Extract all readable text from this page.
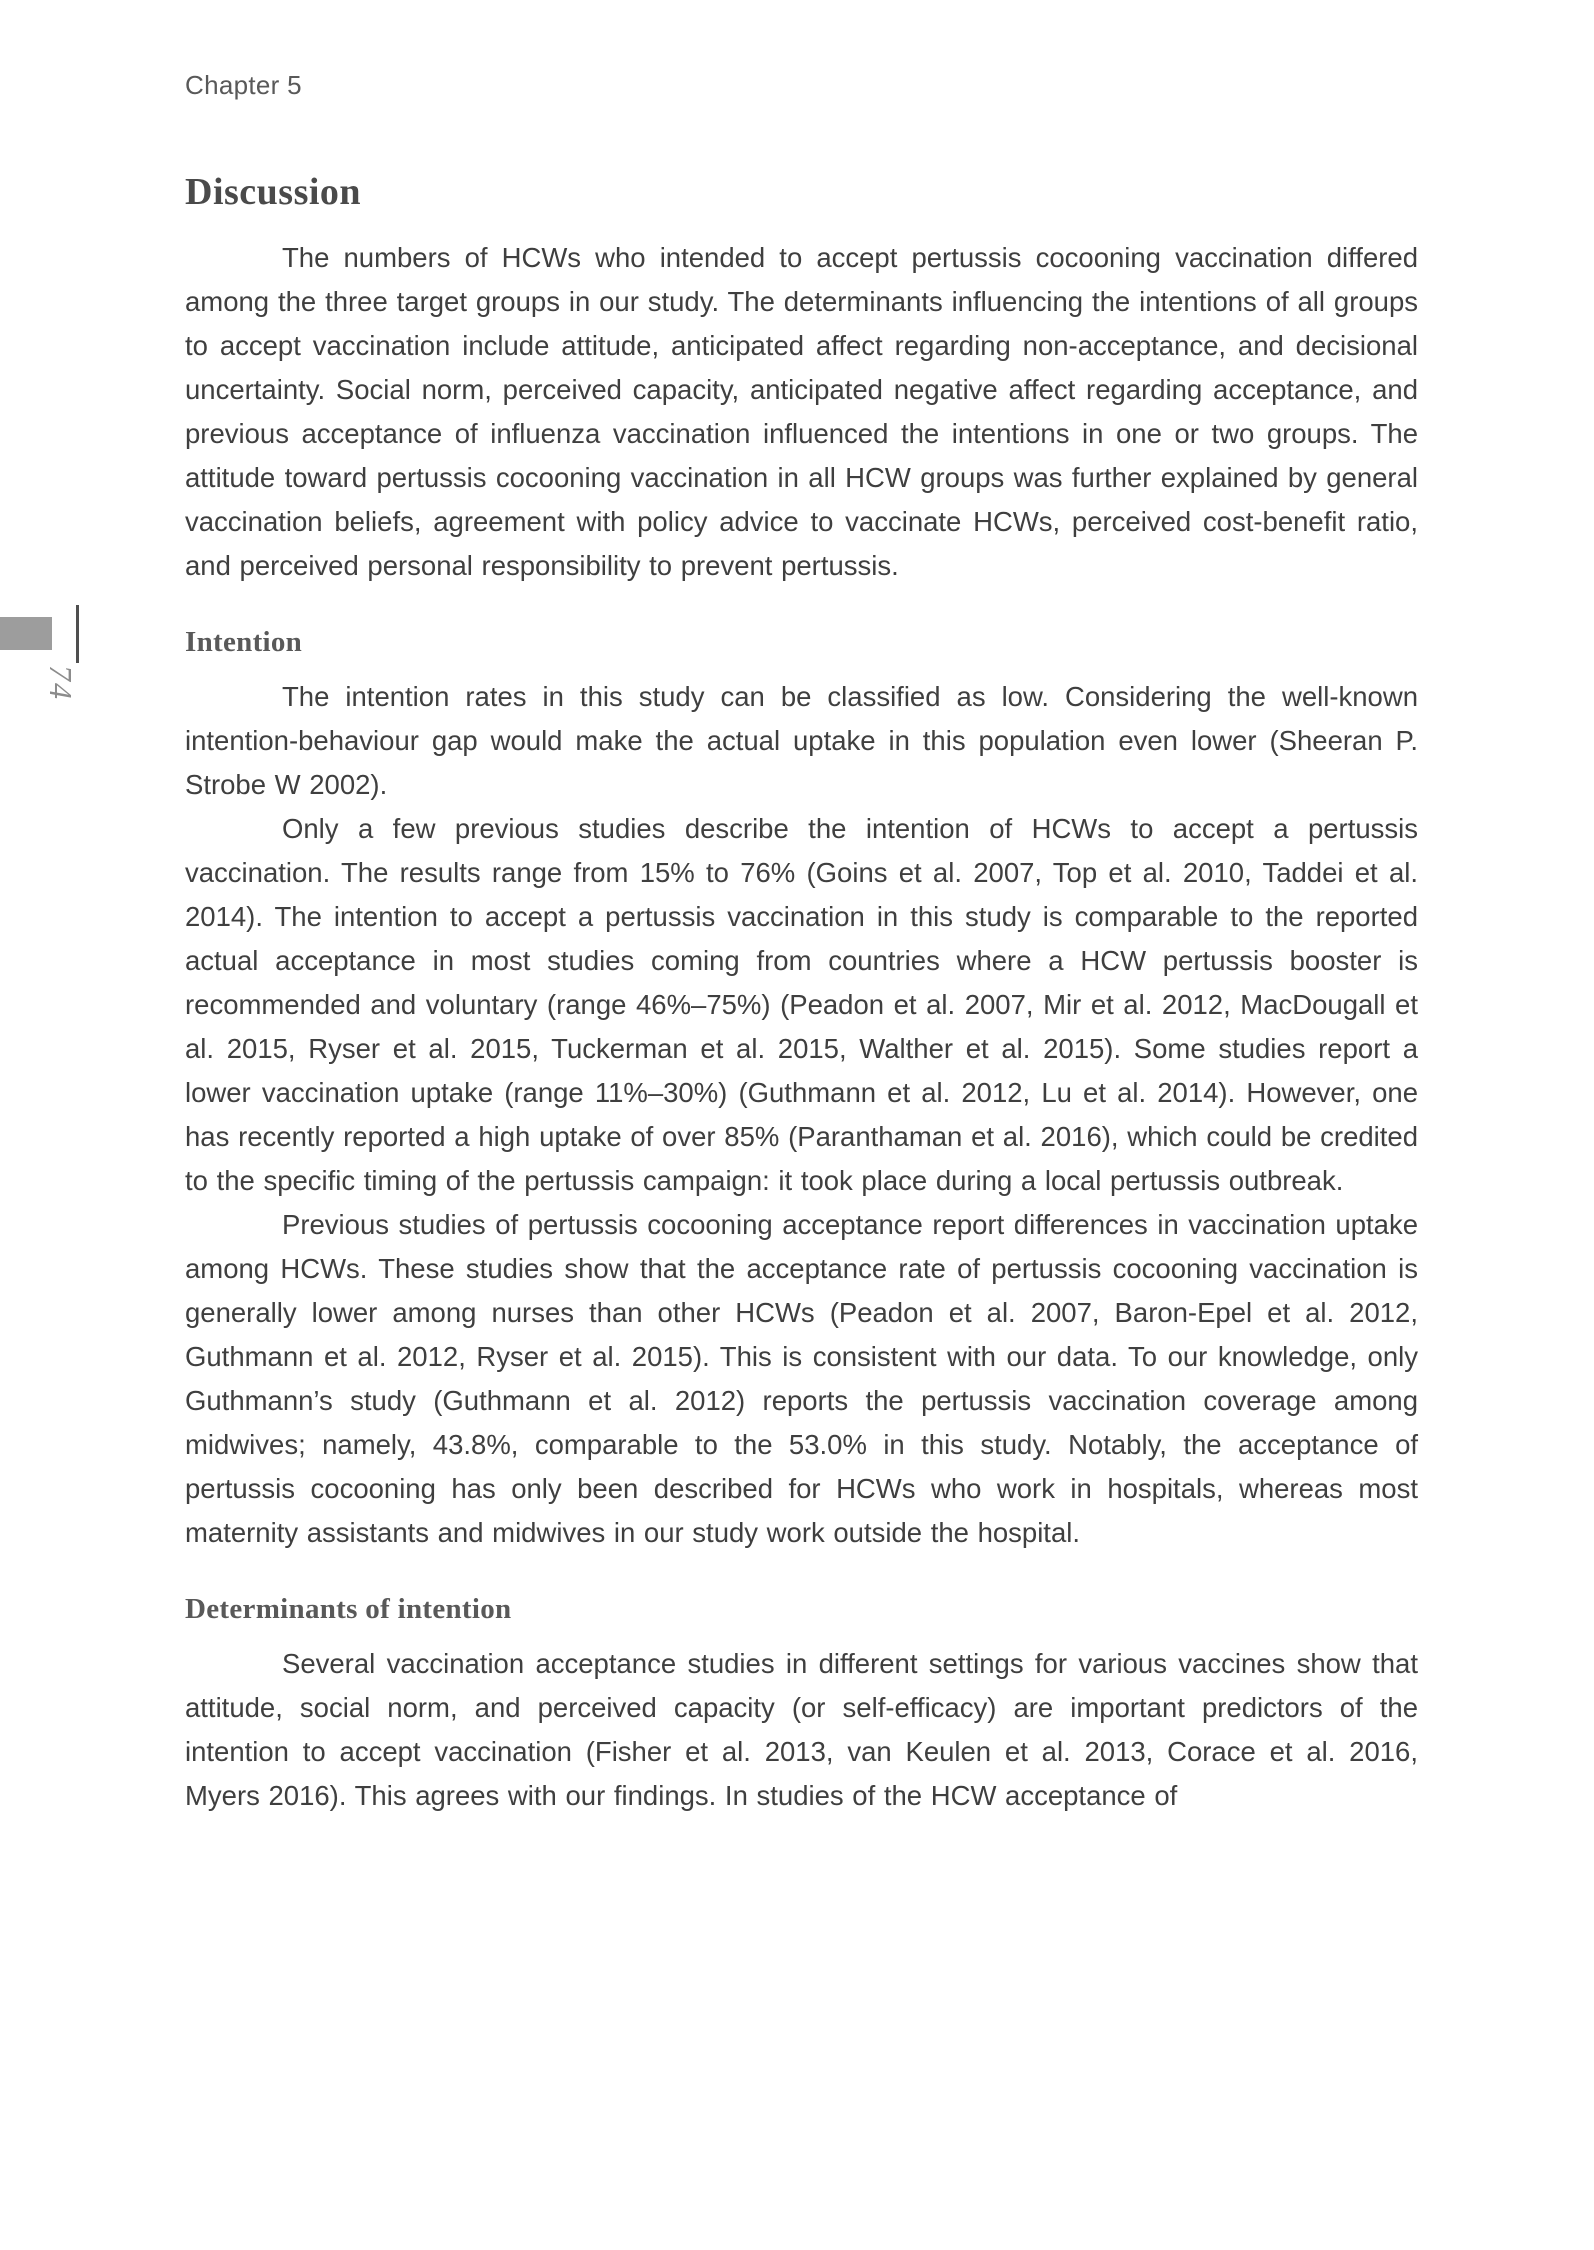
Chapter 5
74
Discussion

The numbers of HCWs who intended to accept pertussis cocooning vaccination differed among the three target groups in our study. The determinants influencing the intentions of all groups to accept vaccination include attitude, anticipated affect regarding non-acceptance, and decisional uncertainty. Social norm, perceived capacity, anticipated negative affect regarding acceptance, and previous acceptance of influenza vaccination influenced the intentions in one or two groups. The attitude toward pertussis cocooning vaccination in all HCW groups was further explained by general vaccination beliefs, agreement with policy advice to vaccinate HCWs, perceived cost-benefit ratio, and perceived personal responsibility to prevent pertussis.

Intention

The intention rates in this study can be classified as low. Considering the well-known intention-behaviour gap would make the actual uptake in this population even lower (Sheeran P. Strobe W 2002).

Only a few previous studies describe the intention of HCWs to accept a pertussis vaccination. The results range from 15% to 76% (Goins et al. 2007, Top et al. 2010, Taddei et al. 2014). The intention to accept a pertussis vaccination in this study is comparable to the reported actual acceptance in most studies coming from countries where a HCW pertussis booster is recommended and voluntary (range 46%–75%) (Peadon et al. 2007, Mir et al. 2012, MacDougall et al. 2015, Ryser et al. 2015, Tuckerman et al. 2015, Walther et al. 2015). Some studies report a lower vaccination uptake (range 11%–30%) (Guthmann et al. 2012, Lu et al. 2014). However, one has recently reported a high uptake of over 85% (Paranthaman et al. 2016), which could be credited to the specific timing of the pertussis campaign: it took place during a local pertussis outbreak.

Previous studies of pertussis cocooning acceptance report differences in vaccination uptake among HCWs. These studies show that the acceptance rate of pertussis cocooning vaccination is generally lower among nurses than other HCWs (Peadon et al. 2007, Baron-Epel et al. 2012, Guthmann et al. 2012, Ryser et al. 2015). This is consistent with our data. To our knowledge, only Guthmann’s study (Guthmann et al. 2012) reports the pertussis vaccination coverage among midwives; namely, 43.8%, comparable to the 53.0% in this study. Notably, the acceptance of pertussis cocooning has only been described for HCWs who work in hospitals, whereas most maternity assistants and midwives in our study work outside the hospital.

Determinants of intention

Several vaccination acceptance studies in different settings for various vaccines show that attitude, social norm, and perceived capacity (or self-efficacy) are important predictors of the intention to accept vaccination (Fisher et al. 2013, van Keulen et al. 2013, Corace et al. 2016, Myers 2016). This agrees with our findings. In studies of the HCW acceptance of
